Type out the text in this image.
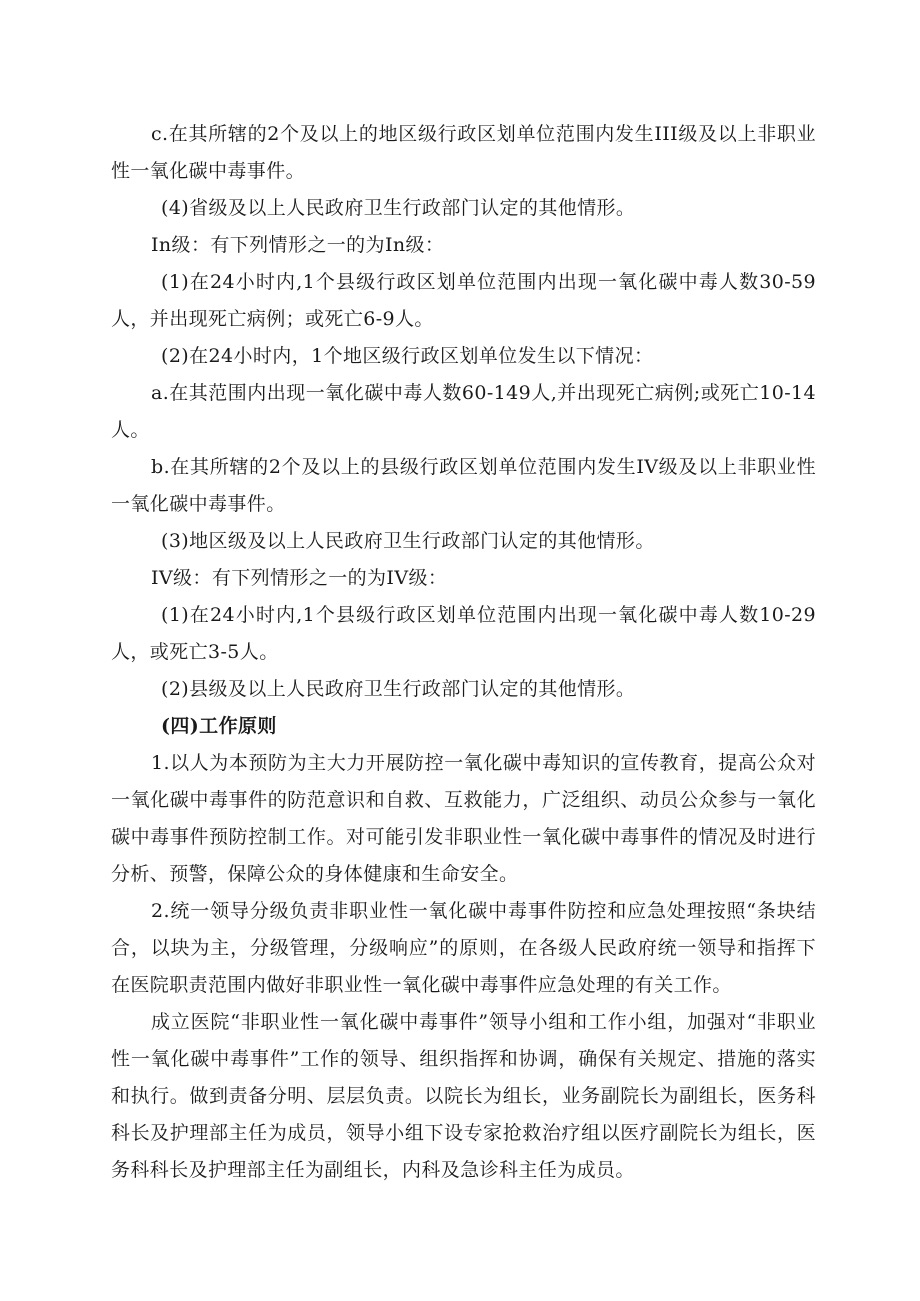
c.在其所辖的2个及以上的地区级行政区划单位范围内发生III级及以上非职业性一氧化碳中毒事件。

(4)省级及以上人民政府卫生行政部门认定的其他情形。

In级：有下列情形之一的为In级：

(1)在24小时内,1个县级行政区划单位范围内出现一氧化碳中毒人数30-59人，并出现死亡病例；或死亡6-9人。

(2)在24小时内，1个地区级行政区划单位发生以下情况：

a.在其范围内出现一氧化碳中毒人数60-149人,并出现死亡病例;或死亡10-14人。

b.在其所辖的2个及以上的县级行政区划单位范围内发生IV级及以上非职业性一氧化碳中毒事件。

(3)地区级及以上人民政府卫生行政部门认定的其他情形。

IV级：有下列情形之一的为IV级：

(1)在24小时内,1个县级行政区划单位范围内出现一氧化碳中毒人数10-29人，或死亡3-5人。

(2)县级及以上人民政府卫生行政部门认定的其他情形。

(四)工作原则

1.以人为本预防为主大力开展防控一氧化碳中毒知识的宣传教育，提高公众对一氧化碳中毒事件的防范意识和自救、互救能力，广泛组织、动员公众参与一氧化碳中毒事件预防控制工作。对可能引发非职业性一氧化碳中毒事件的情况及时进行分析、预警，保障公众的身体健康和生命安全。

2.统一领导分级负责非职业性一氧化碳中毒事件防控和应急处理按照“条块结合，以块为主，分级管理，分级响应”的原则，在各级人民政府统一领导和指挥下在医院职责范围内做好非职业性一氧化碳中毒事件应急处理的有关工作。

成立医院“非职业性一氧化碳中毒事件”领导小组和工作小组，加强对“非职业性一氧化碳中毒事件”工作的领导、组织指挥和协调，确保有关规定、措施的落实和执行。做到责备分明、层层负责。以院长为组长，业务副院长为副组长，医务科科长及护理部主任为成员，领导小组下设专家抢救治疗组以医疗副院长为组长，医务科科长及护理部主任为副组长，内科及急诊科主任为成员。
